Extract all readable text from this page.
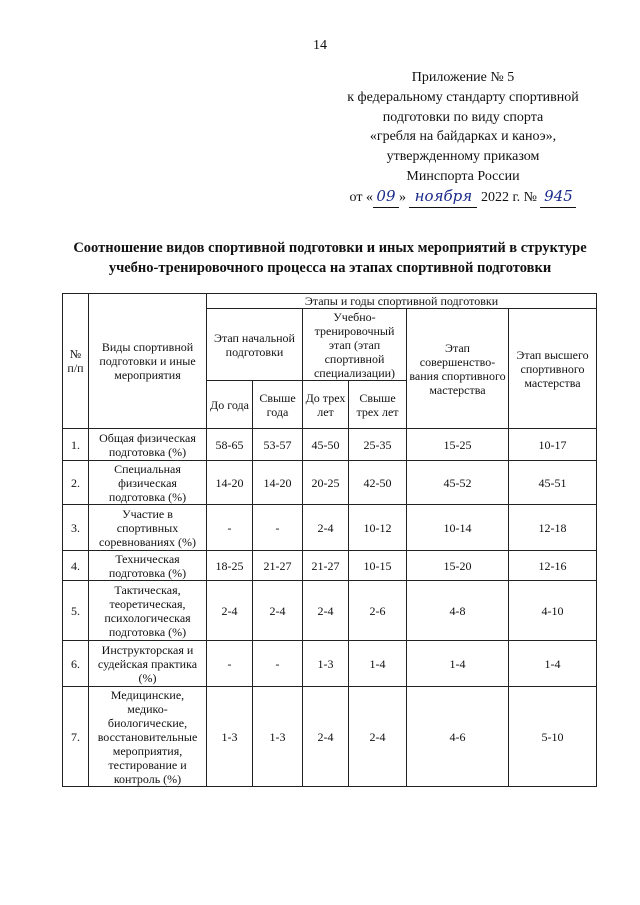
14
Приложение № 5
к федеральному стандарту спортивной
подготовки по виду спорта
«гребля на байдарках и каноэ»,
утвержденному приказом
Минспорта России
от « 09 » ноября 2022 г. № 945
Соотношение видов спортивной подготовки и иных мероприятий в структуре
учебно-тренировочного процесса на этапах спортивной подготовки
№ п/п	Виды спортивной подготовки и иные мероприятия	Этапы и годы спортивной подготовки					
		Этап начальной подготовки		Учебно-тренировочный этап (этап спортивной специализации)		Этап совершенство-вания спортивного мастерства	Этап высшего спортивного мастерства
		До года	Свыше года	До трех лет	Свыше трех лет		
1.	Общая физическая подготовка (%)	58-65	53-57	45-50	25-35	15-25	10-17
2.	Специальная физическая подготовка (%)	14-20	14-20	20-25	42-50	45-52	45-51
3.	Участие в спортивных соревнованиях (%)	-	-	2-4	10-12	10-14	12-18
4.	Техническая подготовка (%)	18-25	21-27	21-27	10-15	15-20	12-16
5.	Тактическая, теоретическая, психологическая подготовка (%)	2-4	2-4	2-4	2-6	4-8	4-10
6.	Инструкторская и судейская практика (%)	-	-	1-3	1-4	1-4	1-4
7.	Медицинские, медико-биологические, восстановительные мероприятия, тестирование и контроль (%)	1-3	1-3	2-4	2-4	4-6	5-10
